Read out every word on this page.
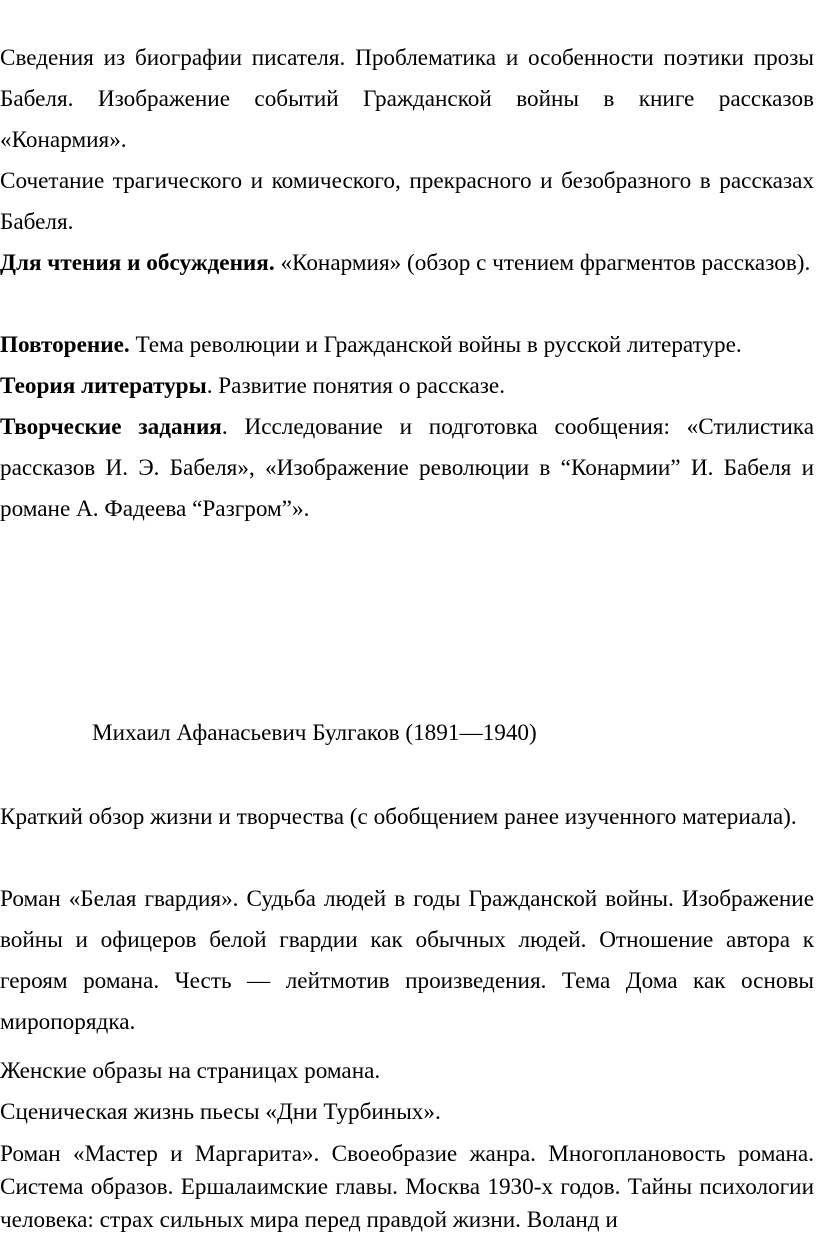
Сведения из биографии писателя. Проблематика и особенности поэтики прозы Бабеля. Изображение событий Гражданской войны в книге рассказов «Конармия».

Сочетание трагического и комического, прекрасного и безобразного в рассказах Бабеля.

Для чтения и обсуждения. «Конармия» (обзор с чтением фрагментов рассказов).

Повторение. Тема революции и Гражданской войны в русской литературе.

Теория литературы. Развитие понятия о рассказе.

Творческие задания. Исследование и подготовка сообщения: «Стилистика рассказов И. Э. Бабеля», «Изображение революции в “Конармии” И. Бабеля и романе А. Фадеева “Разгром”».

Михаил Афанасьевич Булгаков (1891—1940)

Краткий обзор жизни и творчества (с обобщением ранее изученного материала).

Роман «Белая гвардия». Судьба людей в годы Гражданской войны. Изображение войны и офицеров белой гвардии как обычных людей. Отношение автора к героям романа. Честь — лейтмотив произведения. Тема Дома как основы миропорядка.

Женские образы на страницах романа.

Сценическая жизнь пьесы «Дни Турбиных».

Роман «Мастер и Маргарита». Своеобразие жанра. Многоплановость романа. Система образов. Ершалаимские главы. Москва 1930-х годов. Тайны психологии человека: страх сильных мира перед правдой жизни. Воланд и
